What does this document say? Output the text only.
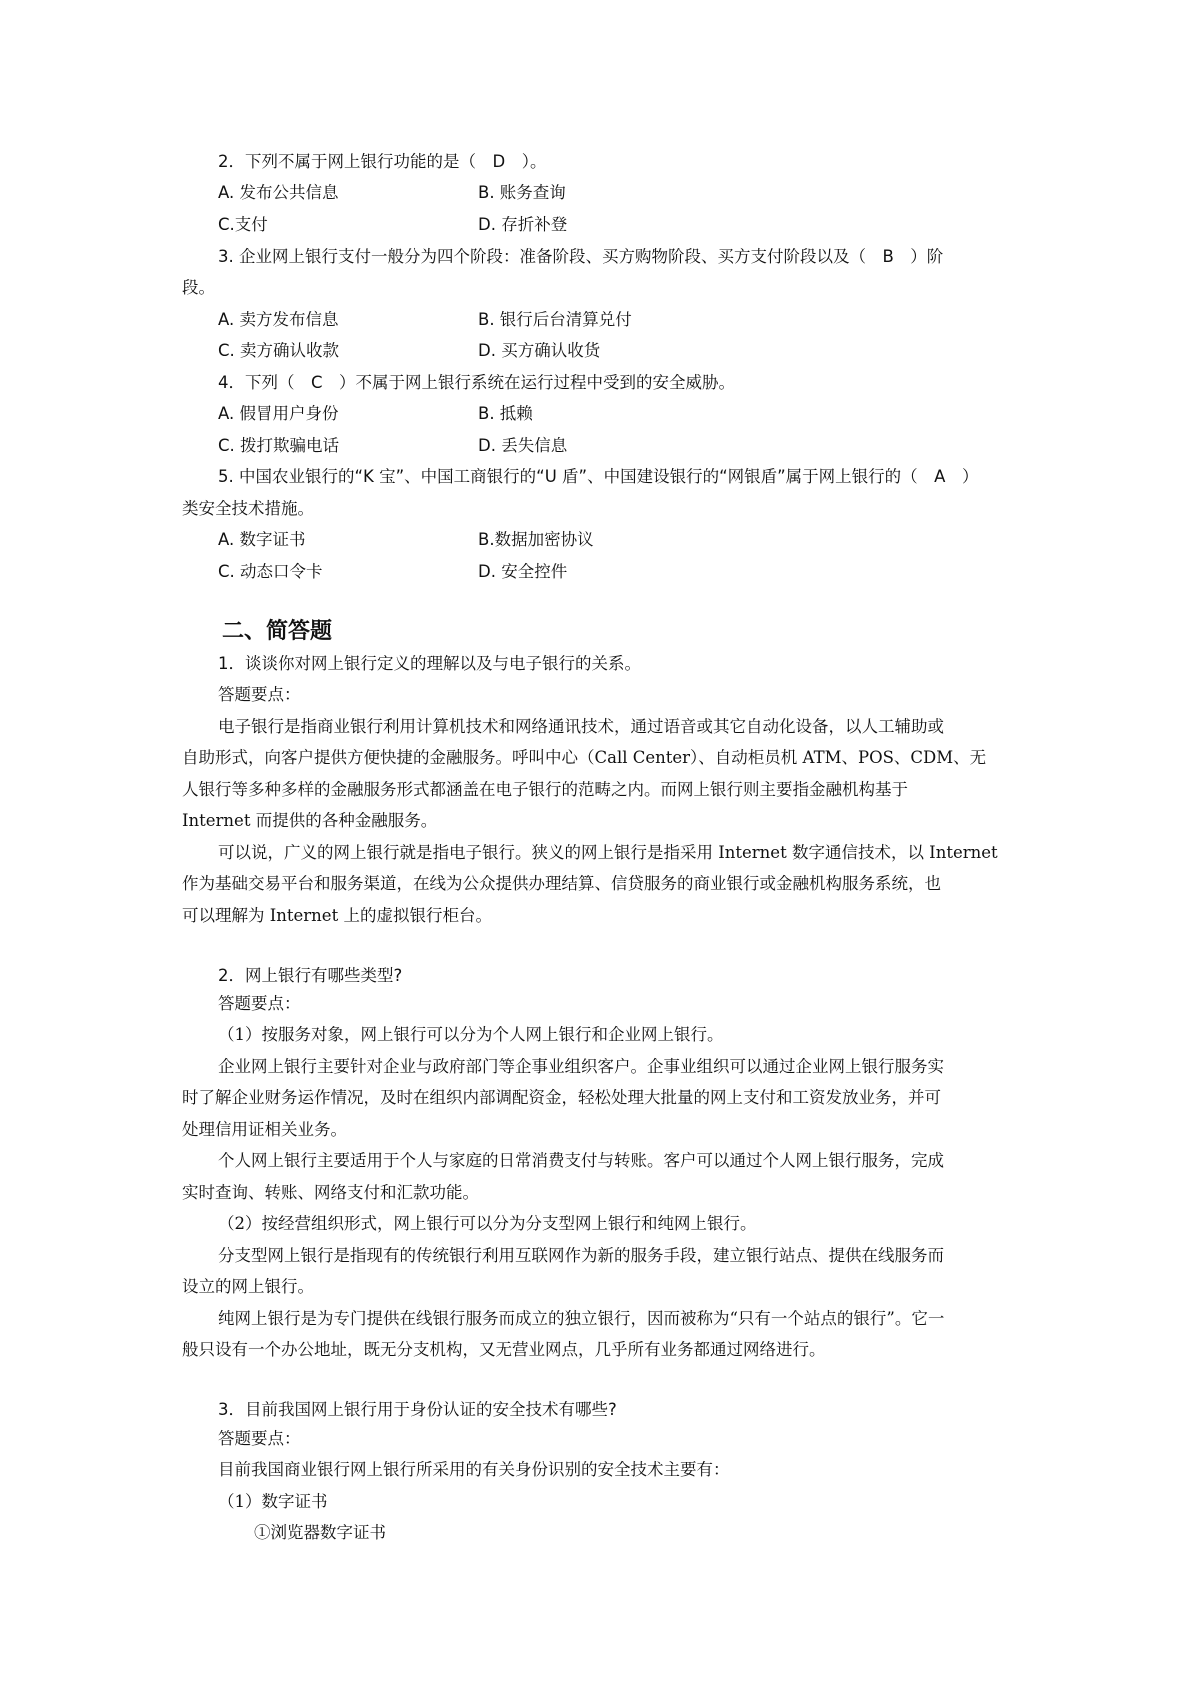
2．下列不属于网上银行功能的是（　D　）。
A. 发布公共信息	B. 账务查询
C.支付	D. 存折补登
3. 企业网上银行支付一般分为四个阶段：准备阶段、买方购物阶段、买方支付阶段以及（　B　）阶
段。
A. 卖方发布信息	B. 银行后台清算兑付
C. 卖方确认收款	D. 买方确认收货
4．下列（　C　）不属于网上银行系统在运行过程中受到的安全威胁。
A. 假冒用户身份	B. 抵赖
C. 拨打欺骗电话	D. 丢失信息
5. 中国农业银行的“K 宝”、中国工商银行的“U 盾”、中国建设银行的“网银盾”属于网上银行的（　A　）
类安全技术措施。
A. 数字证书	B.数据加密协议
C. 动态口令卡	D. 安全控件
二、简答题
1．谈谈你对网上银行定义的理解以及与电子银行的关系。
答题要点：
电子银行是指商业银行利用计算机技术和网络通讯技术，通过语音或其它自动化设备，以人工辅助或
自助形式，向客户提供方便快捷的金融服务。呼叫中心（Call Center）、自动柜员机 ATM、POS、CDM、无
人银行等多种多样的金融服务形式都涵盖在电子银行的范畴之内。而网上银行则主要指金融机构基于
Internet 而提供的各种金融服务。
可以说，广义的网上银行就是指电子银行。狭义的网上银行是指采用 Internet 数字通信技术，以 Internet
作为基础交易平台和服务渠道，在线为公众提供办理结算、信贷服务的商业银行或金融机构服务系统，也
可以理解为 Internet 上的虚拟银行柜台。
2．网上银行有哪些类型?
答题要点：
（1）按服务对象，网上银行可以分为个人网上银行和企业网上银行。
企业网上银行主要针对企业与政府部门等企事业组织客户。企事业组织可以通过企业网上银行服务实
时了解企业财务运作情况，及时在组织内部调配资金，轻松处理大批量的网上支付和工资发放业务，并可
处理信用证相关业务。
个人网上银行主要适用于个人与家庭的日常消费支付与转账。客户可以通过个人网上银行服务，完成
实时查询、转账、网络支付和汇款功能。
（2）按经营组织形式，网上银行可以分为分支型网上银行和纯网上银行。
分支型网上银行是指现有的传统银行利用互联网作为新的服务手段，建立银行站点、提供在线服务而
设立的网上银行。
纯网上银行是为专门提供在线银行服务而成立的独立银行，因而被称为“只有一个站点的银行”。它一
般只设有一个办公地址，既无分支机构，又无营业网点，几乎所有业务都通过网络进行。
3．目前我国网上银行用于身份认证的安全技术有哪些?
答题要点：
目前我国商业银行网上银行所采用的有关身份识别的安全技术主要有：
（1）数字证书
①浏览器数字证书
